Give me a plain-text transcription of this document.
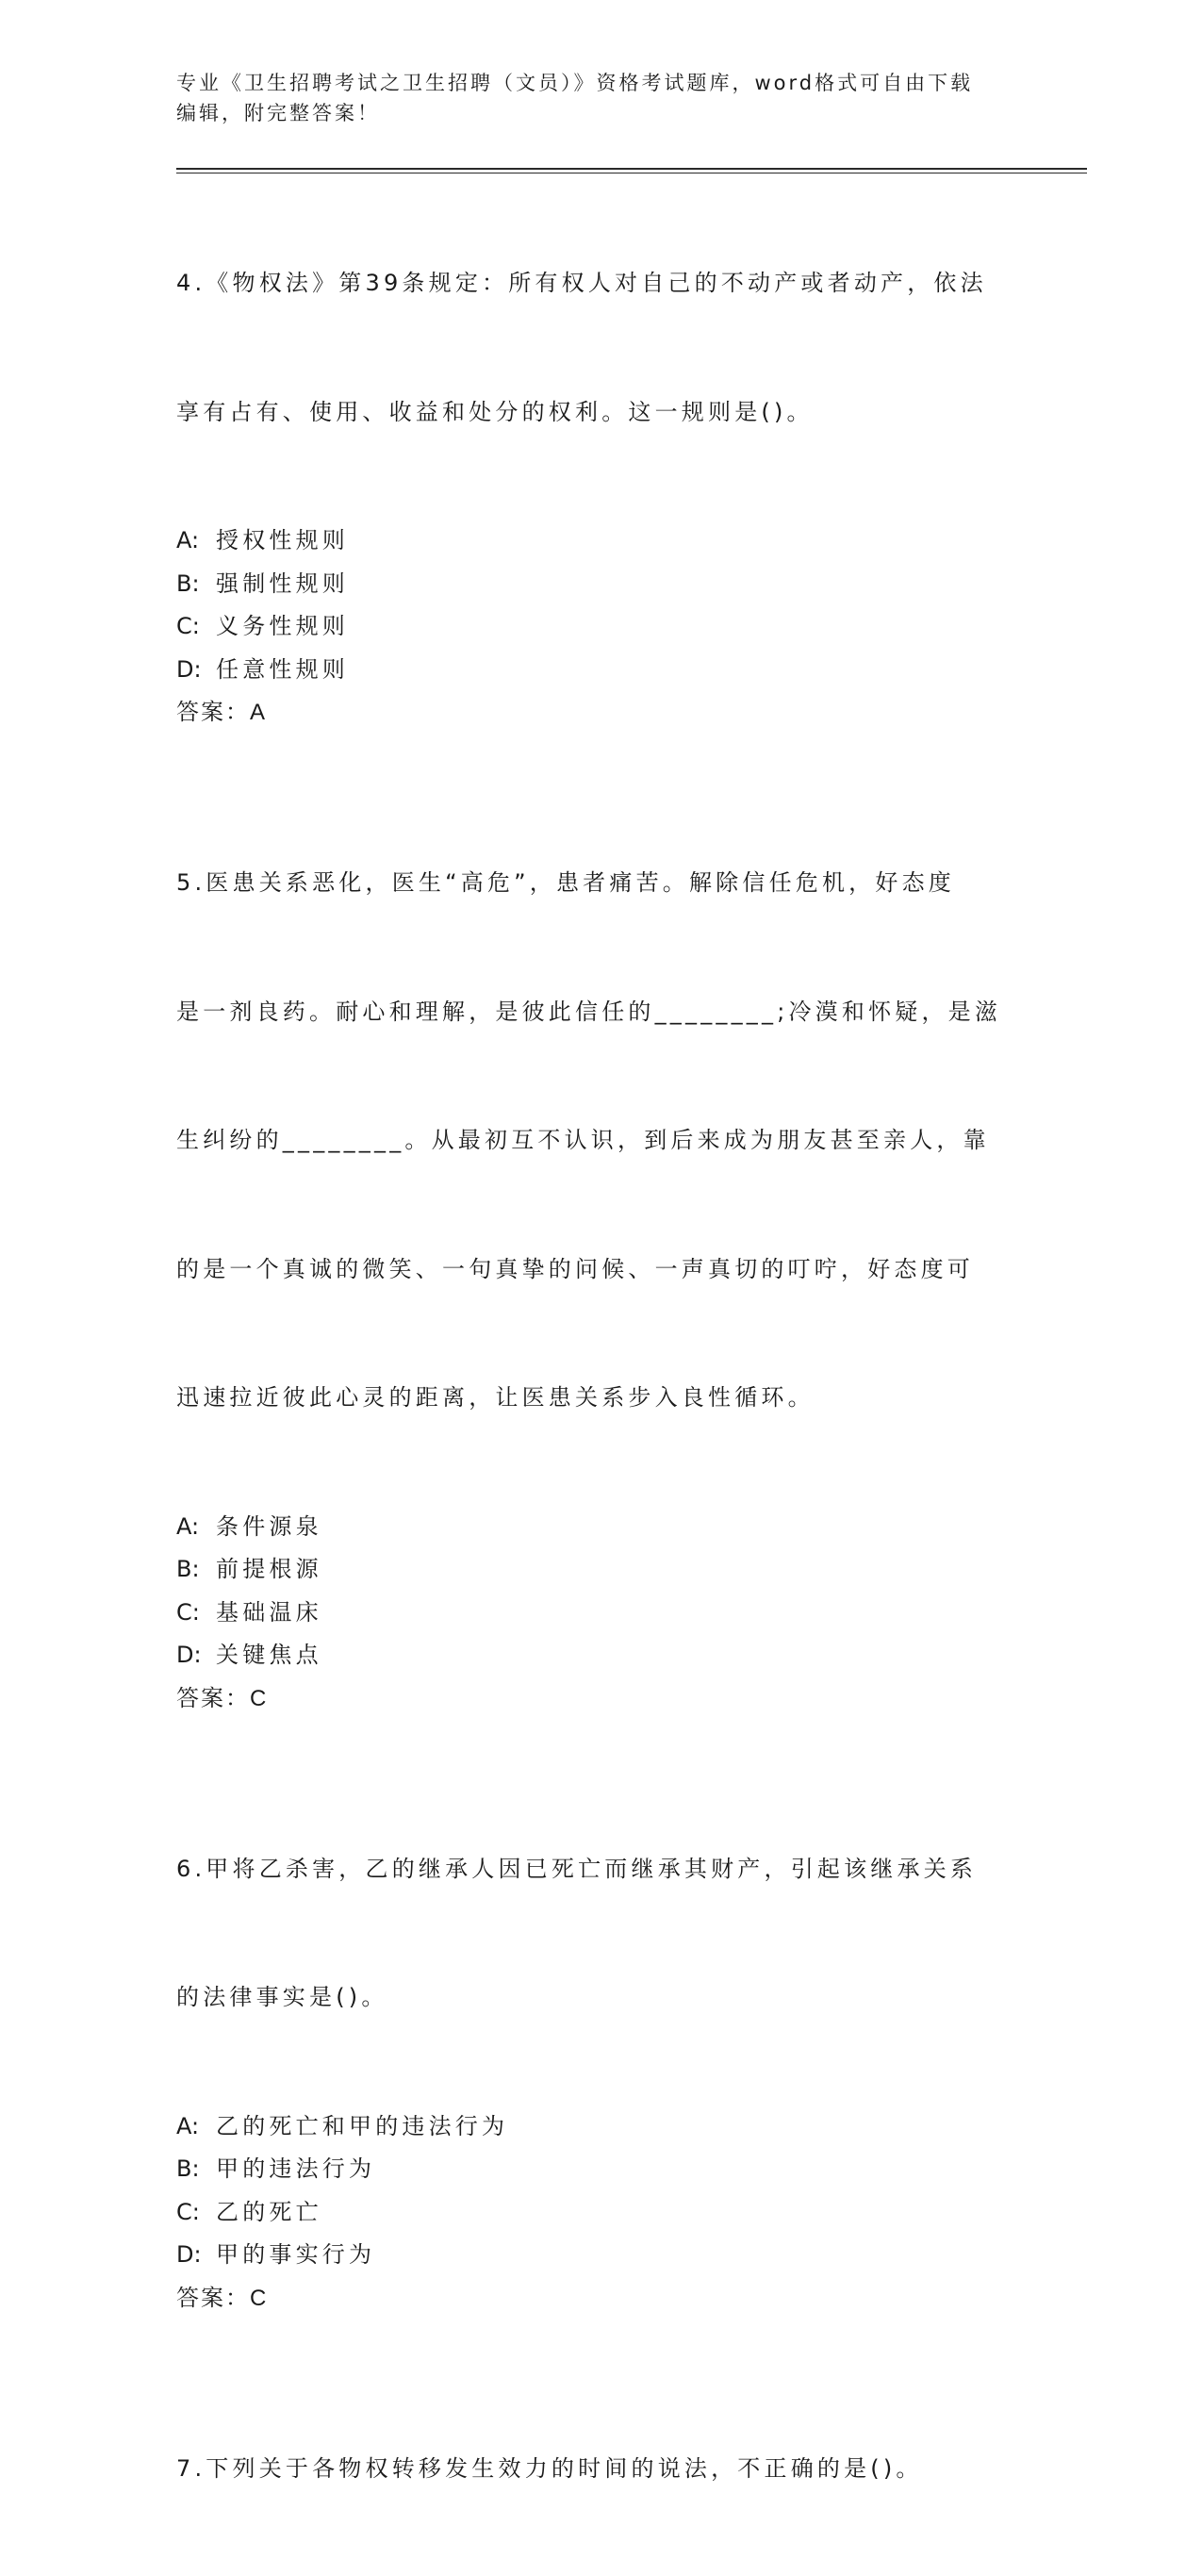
专业《卫生招聘考试之卫生招聘（文员）》资格考试题库，word格式可自由下载
编辑，附完整答案！

4.《物权法》第39条规定：所有权人对自己的不动产或者动产，依法

享有占有、使用、收益和处分的权利。这一规则是()。

A: 授权性规则
B: 强制性规则
C: 义务性规则
D: 任意性规则
答案：A

5.医患关系恶化，医生“高危”，患者痛苦。解除信任危机，好态度

是一剂良药。耐心和理解，是彼此信任的________;冷漠和怀疑，是滋

生纠纷的________。从最初互不认识，到后来成为朋友甚至亲人，靠

的是一个真诚的微笑、一句真挚的问候、一声真切的叮咛，好态度可

迅速拉近彼此心灵的距离，让医患关系步入良性循环。

A: 条件源泉
B: 前提根源
C: 基础温床
D: 关键焦点
答案：C

6.甲将乙杀害，乙的继承人因已死亡而继承其财产，引起该继承关系

的法律事实是()。

A: 乙的死亡和甲的违法行为
B: 甲的违法行为
C: 乙的死亡
D: 甲的事实行为
答案：C

7.下列关于各物权转移发生效力的时间的说法，不正确的是()。
